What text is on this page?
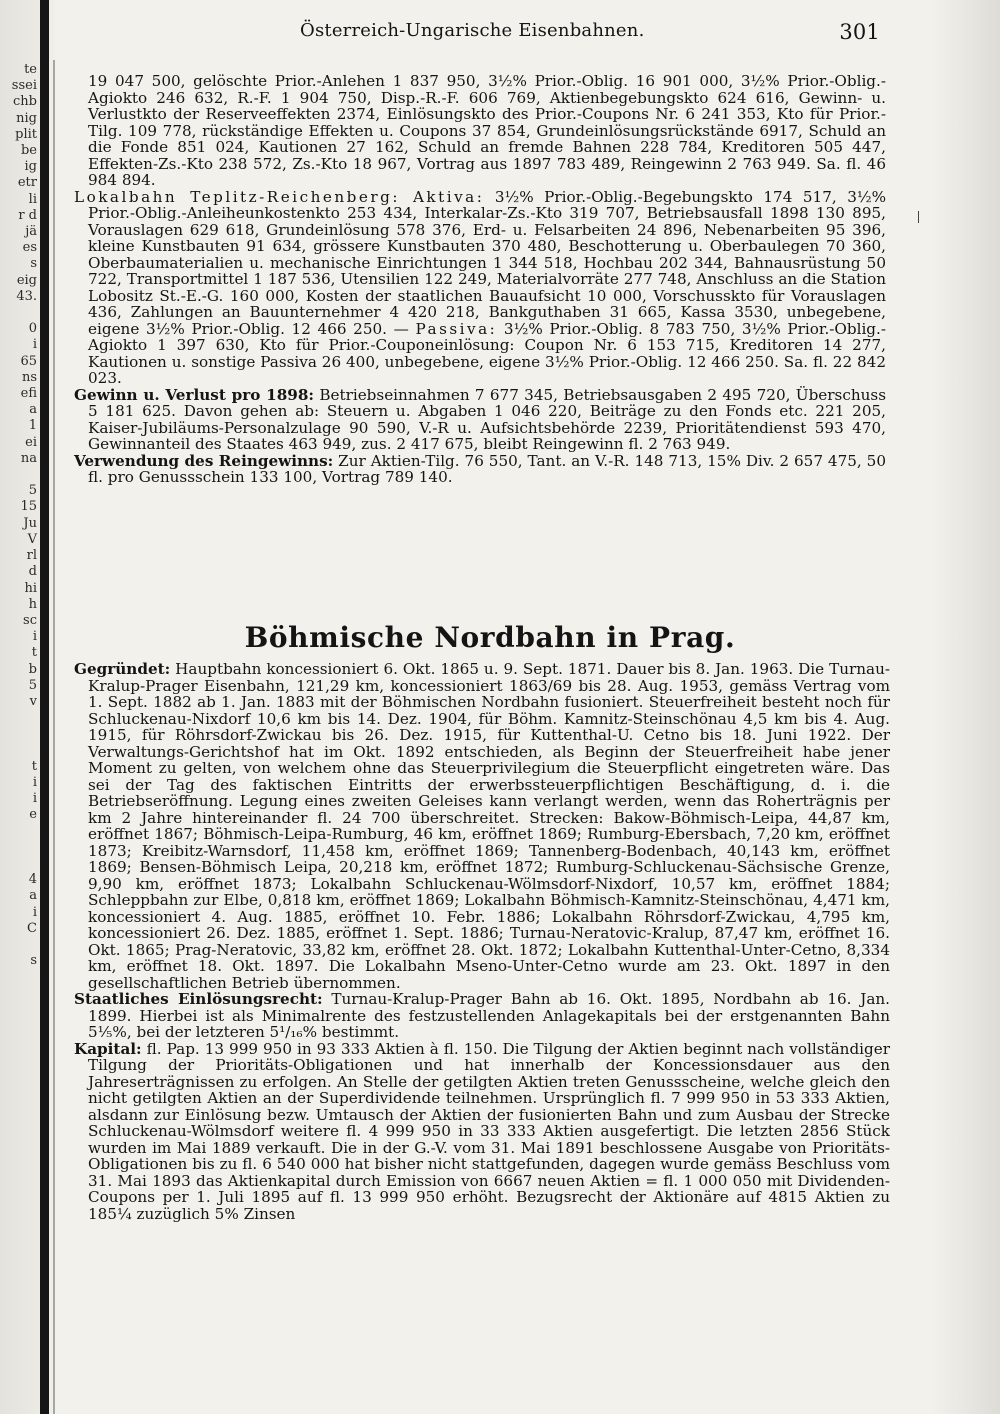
te
ssei
chb
nig
plit
be
ig
etr
li
r d
jä
es
s
eig
43.

0
i
65
ns
efi
a
1
ei
na

5
15
Ju
V
rl
d
hi
h
sc
i
t
b
5
v

t
i
i
e

4
a
i
C

s
Österreich-Ungarische Eisenbahnen.	301

19 047 500, gelöschte Prior.-Anlehen 1 837 950, 3½% Prior.-Oblig. 16 901 000, 3½% Prior.-Oblig.-Agiokto 246 632, R.-F. 1 904 750, Disp.-R.-F. 606 769, Aktienbegebungskto 624 616, Gewinn- u. Verlustkto der Reserveeffekten 2374, Einlösungskto des Prior.-Coupons Nr. 6 241 353, Kto für Prior.-Tilg. 109 778, rückständige Effekten u. Coupons 37 854, Grundeinlösungsrückstände 6917, Schuld an die Fonde 851 024, Kautionen 27 162, Schuld an fremde Bahnen 228 784, Kreditoren 505 447, Effekten-Zs.-Kto 238 572, Zs.-Kto 18 967, Vortrag aus 1897 783 489, Reingewinn 2 763 949. Sa. fl. 46 984 894.

Lokalbahn Teplitz-Reichenberg: Aktiva: 3½% Prior.-Oblig.-Begebungskto 174 517, 3½% Prior.-Oblig.-Anleiheunkostenkto 253 434, Interkalar-Zs.-Kto 319 707, Betriebsausfall 1898 130 895, Vorauslagen 629 618, Grundeinlösung 578 376, Erd- u. Felsarbeiten 24 896, Nebenarbeiten 95 396, kleine Kunstbauten 91 634, grössere Kunstbauten 370 480, Beschotterung u. Oberbaulegen 70 360, Oberbaumaterialien u. mechanische Einrichtungen 1 344 518, Hochbau 202 344, Bahnausrüstung 50 722, Transportmittel 1 187 536, Utensilien 122 249, Materialvorräte 277 748, Anschluss an die Station Lobositz St.-E.-G. 160 000, Kosten der staatlichen Bauaufsicht 10 000, Vorschusskto für Vorauslagen 436, Zahlungen an Bauunternehmer 4 420 218, Bankguthaben 31 665, Kassa 3530, unbegebene, eigene 3½% Prior.-Oblig. 12 466 250. — Passiva: 3½% Prior.-Oblig. 8 783 750, 3½% Prior.-Oblig.-Agiokto 1 397 630, Kto für Prior.-Couponeinlösung: Coupon Nr. 6 153 715, Kreditoren 14 277, Kautionen u. sonstige Passiva 26 400, unbegebene, eigene 3½% Prior.-Oblig. 12 466 250. Sa. fl. 22 842 023.

Gewinn u. Verlust pro 1898: Betriebseinnahmen 7 677 345, Betriebsausgaben 2 495 720, Überschuss 5 181 625. Davon gehen ab: Steuern u. Abgaben 1 046 220, Beiträge zu den Fonds etc. 221 205, Kaiser-Jubiläums-Personalzulage 90 590, V.-R u. Aufsichtsbehörde 2239, Prioritätendienst 593 470, Gewinnanteil des Staates 463 949, zus. 2 417 675, bleibt Reingewinn fl. 2 763 949.

Verwendung des Reingewinns: Zur Aktien-Tilg. 76 550, Tant. an V.-R. 148 713, 15% Div. 2 657 475, 50 fl. pro Genussschein 133 100, Vortrag 789 140.

Böhmische Nordbahn in Prag.

Gegründet: Hauptbahn koncessioniert 6. Okt. 1865 u. 9. Sept. 1871. Dauer bis 8. Jan. 1963. Die Turnau-Kralup-Prager Eisenbahn, 121,29 km, koncessioniert 1863/69 bis 28. Aug. 1953, gemäss Vertrag vom 1. Sept. 1882 ab 1. Jan. 1883 mit der Böhmischen Nordbahn fusioniert. Steuerfreiheit besteht noch für Schluckenau-Nixdorf 10,6 km bis 14. Dez. 1904, für Böhm. Kamnitz-Steinschönau 4,5 km bis 4. Aug. 1915, für Röhrsdorf-Zwickau bis 26. Dez. 1915, für Kuttenthal-U. Cetno bis 18. Juni 1922. Der Verwaltungs-Gerichtshof hat im Okt. 1892 entschieden, als Beginn der Steuerfreiheit habe jener Moment zu gelten, von welchem ohne das Steuerprivilegium die Steuerpflicht eingetreten wäre. Das sei der Tag des faktischen Eintritts der erwerbssteuerpflichtigen Beschäftigung, d. i. die Betriebseröffnung. Legung eines zweiten Geleises kann verlangt werden, wenn das Roherträgnis per km 2 Jahre hintereinander fl. 24 700 überschreitet. Strecken: Bakow-Böhmisch-Leipa, 44,87 km, eröffnet 1867; Böhmisch-Leipa-Rumburg, 46 km, eröffnet 1869; Rumburg-Ebersbach, 7,20 km, eröffnet 1873; Kreibitz-Warnsdorf, 11,458 km, eröffnet 1869; Tannenberg-Bodenbach, 40,143 km, eröffnet 1869; Bensen-Böhmisch Leipa, 20,218 km, eröffnet 1872; Rumburg-Schluckenau-Sächsische Grenze, 9,90 km, eröffnet 1873; Lokalbahn Schluckenau-Wölmsdorf-Nixdorf, 10,57 km, eröffnet 1884; Schleppbahn zur Elbe, 0,818 km, eröffnet 1869; Lokalbahn Böhmisch-Kamnitz-Steinschönau, 4,471 km, koncessioniert 4. Aug. 1885, eröffnet 10. Febr. 1886; Lokalbahn Röhrsdorf-Zwickau, 4,795 km, koncessioniert 26. Dez. 1885, eröffnet 1. Sept. 1886; Turnau-Neratovic-Kralup, 87,47 km, eröffnet 16. Okt. 1865; Prag-Neratovic, 33,82 km, eröffnet 28. Okt. 1872; Lokalbahn Kuttenthal-Unter-Cetno, 8,334 km, eröffnet 18. Okt. 1897. Die Lokalbahn Mseno-Unter-Cetno wurde am 23. Okt. 1897 in den gesellschaftlichen Betrieb übernommen.

Staatliches Einlösungsrecht: Turnau-Kralup-Prager Bahn ab 16. Okt. 1895, Nordbahn ab 16. Jan. 1899. Hierbei ist als Minimalrente des festzustellenden Anlagekapitals bei der erstgenannten Bahn 5⅕%, bei der letzteren 5¹/₁₆% bestimmt.

Kapital: fl. Pap. 13 999 950 in 93 333 Aktien à fl. 150. Die Tilgung der Aktien beginnt nach vollständiger Tilgung der Prioritäts-Obligationen und hat innerhalb der Koncessionsdauer aus den Jahreserträgnissen zu erfolgen. An Stelle der getilgten Aktien treten Genussscheine, welche gleich den nicht getilgten Aktien an der Superdividende teilnehmen. Ursprünglich fl. 7 999 950 in 53 333 Aktien, alsdann zur Einlösung bezw. Umtausch der Aktien der fusionierten Bahn und zum Ausbau der Strecke Schluckenau-Wölmsdorf weitere fl. 4 999 950 in 33 333 Aktien ausgefertigt. Die letzten 2856 Stück wurden im Mai 1889 verkauft. Die in der G.-V. vom 31. Mai 1891 beschlossene Ausgabe von Prioritäts-Obligationen bis zu fl. 6 540 000 hat bisher nicht stattgefunden, dagegen wurde gemäss Beschluss vom 31. Mai 1893 das Aktienkapital durch Emission von 6667 neuen Aktien = fl. 1 000 050 mit Dividenden-Coupons per 1. Juli 1895 auf fl. 13 999 950 erhöht. Bezugsrecht der Aktionäre auf 4815 Aktien zu 185¼ zuzüglich 5% Zinsen
